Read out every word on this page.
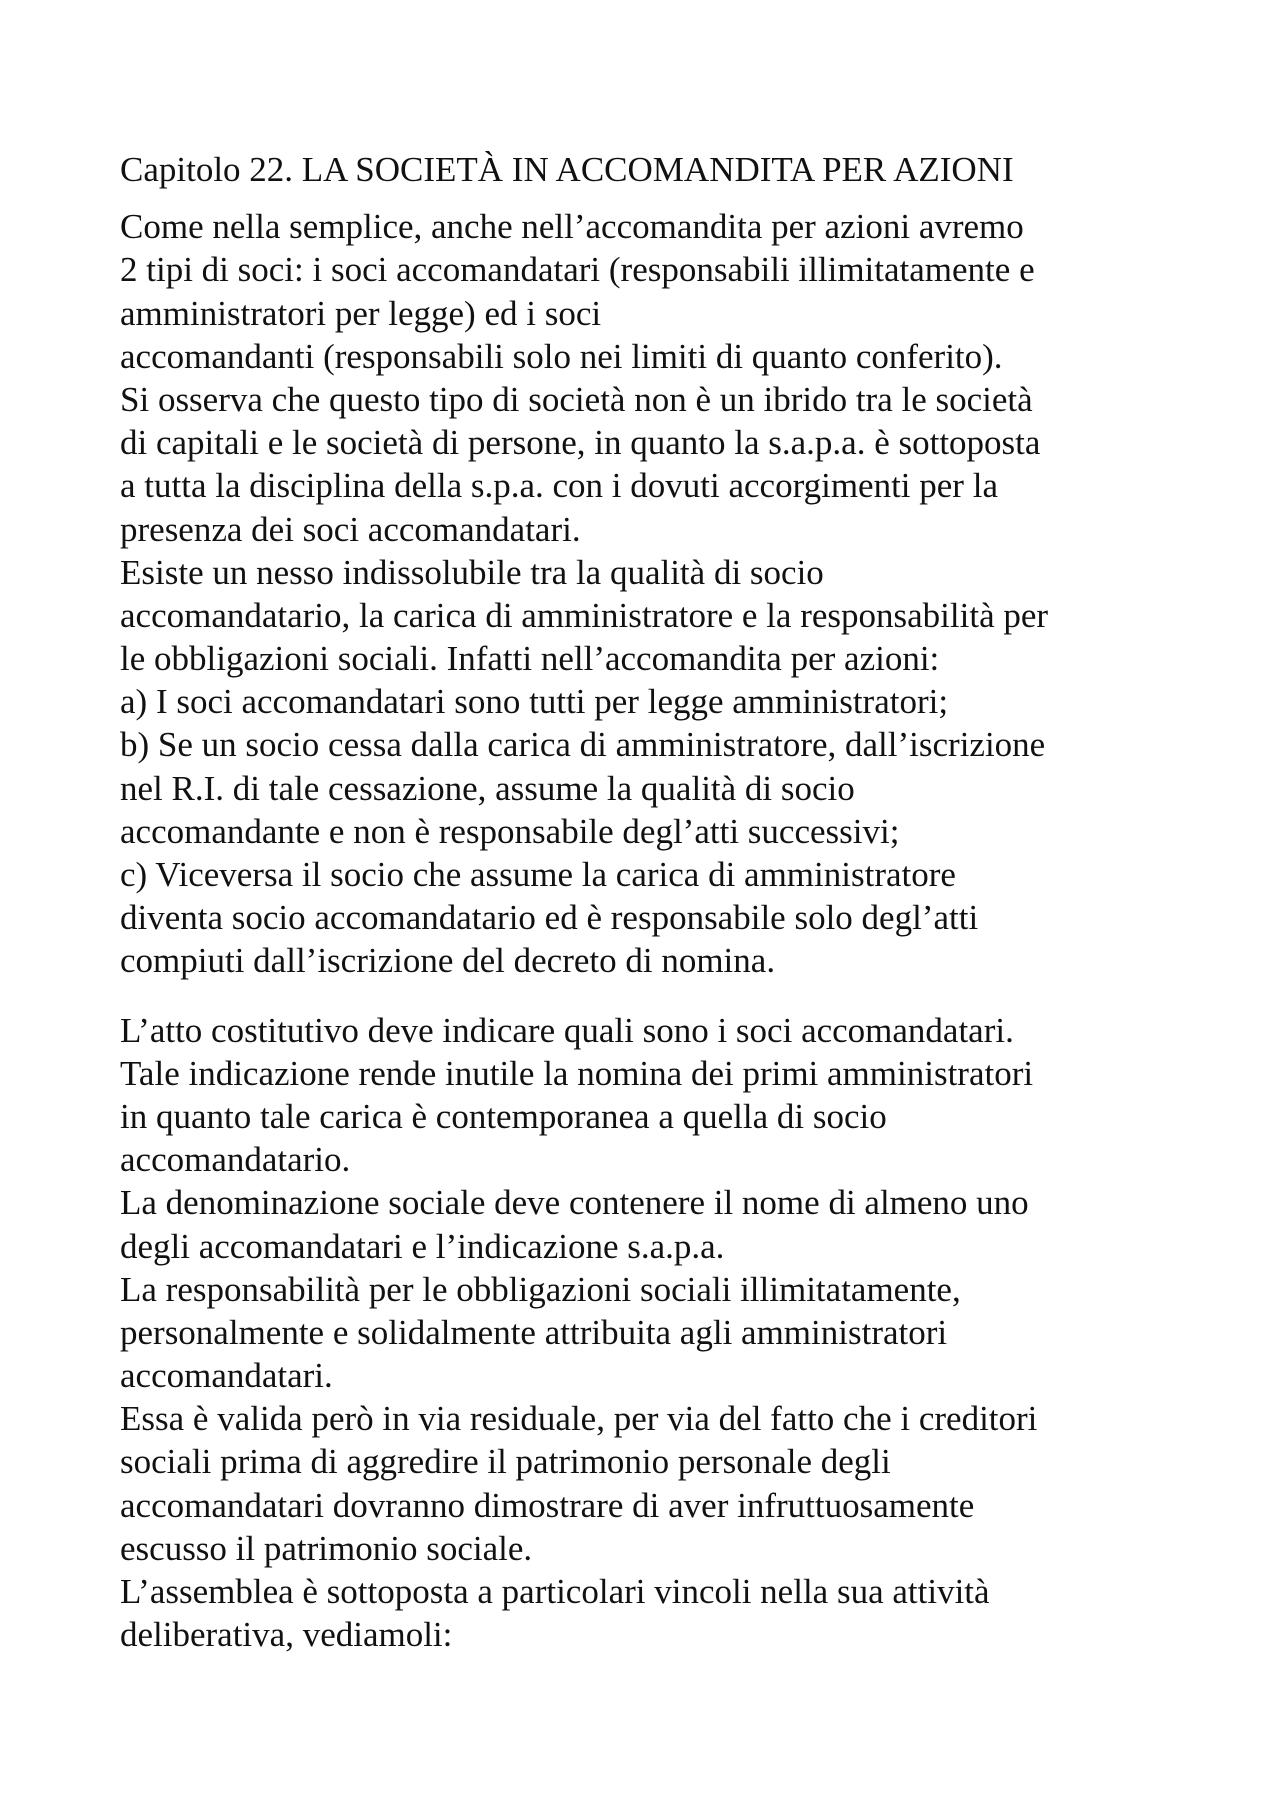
Capitolo 22. LA SOCIETÀ IN ACCOMANDITA PER AZIONI
Come nella semplice, anche nell’accomandita per azioni avremo
2 tipi di soci: i soci accomandatari (responsabili illimitatamente e
amministratori per legge) ed i soci
accomandanti (responsabili solo nei limiti di quanto conferito).
Si osserva che questo tipo di società non è un ibrido tra le società
di capitali e le società di persone, in quanto la s.a.p.a. è sottoposta
a tutta la disciplina della s.p.a. con i dovuti accorgimenti per la
presenza dei soci accomandatari.
Esiste un nesso indissolubile tra la qualità di socio
accomandatario, la carica di amministratore e la responsabilità per
le obbligazioni sociali. Infatti nell’accomandita per azioni:
a) I soci accomandatari sono tutti per legge amministratori;
b) Se un socio cessa dalla carica di amministratore, dall’iscrizione
nel R.I. di tale cessazione, assume la qualità di socio
accomandante e non è responsabile degl’atti successivi;
c) Viceversa il socio che assume la carica di amministratore
diventa socio accomandatario ed è responsabile solo degl’atti
compiuti dall’iscrizione del decreto di nomina.
L’atto costitutivo deve indicare quali sono i soci accomandatari.
Tale indicazione rende inutile la nomina dei primi amministratori
in quanto tale carica è contemporanea a quella di socio
accomandatario.
La denominazione sociale deve contenere il nome di almeno uno
degli accomandatari e l’indicazione s.a.p.a.
La responsabilità per le obbligazioni sociali illimitatamente,
personalmente e solidalmente attribuita agli amministratori
accomandatari.
Essa è valida però in via residuale, per via del fatto che i creditori
sociali prima di aggredire il patrimonio personale degli
accomandatari dovranno dimostrare di aver infruttuosamente
escusso il patrimonio sociale.
L’assemblea è sottoposta a particolari vincoli nella sua attività
deliberativa, vediamoli:
